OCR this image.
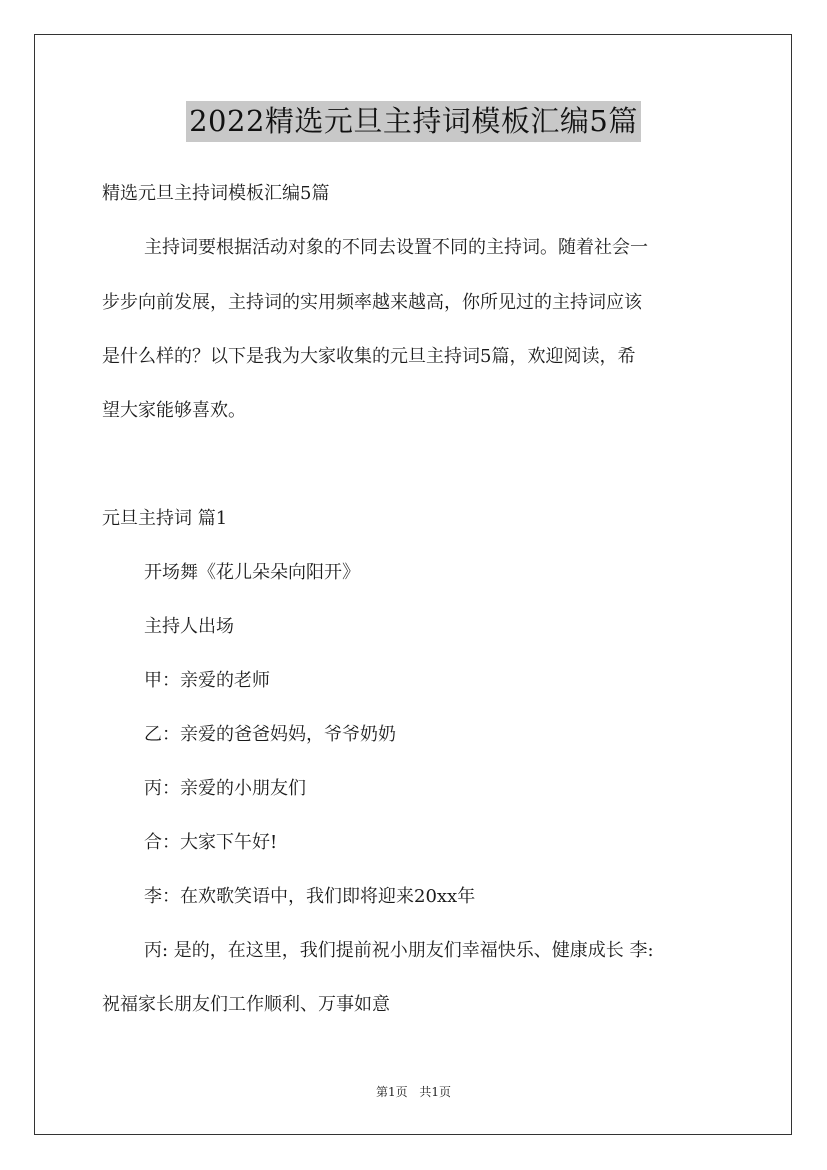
2022精选元旦主持词模板汇编5篇
精选元旦主持词模板汇编5篇
主持词要根据活动对象的不同去设置不同的主持词。随着社会一
步步向前发展，主持词的实用频率越来越高，你所见过的主持词应该
是什么样的？以下是我为大家收集的元旦主持词5篇，欢迎阅读，希
望大家能够喜欢。
元旦主持词 篇1
开场舞《花儿朵朵向阳开》
主持人出场
甲：亲爱的老师
乙：亲爱的爸爸妈妈，爷爷奶奶
丙：亲爱的小朋友们
合：大家下午好!
李：在欢歌笑语中，我们即将迎来20xx年
丙: 是的，在这里，我们提前祝小朋友们幸福快乐、健康成长 李:
祝福家长朋友们工作顺利、万事如意
第1页 共1页
